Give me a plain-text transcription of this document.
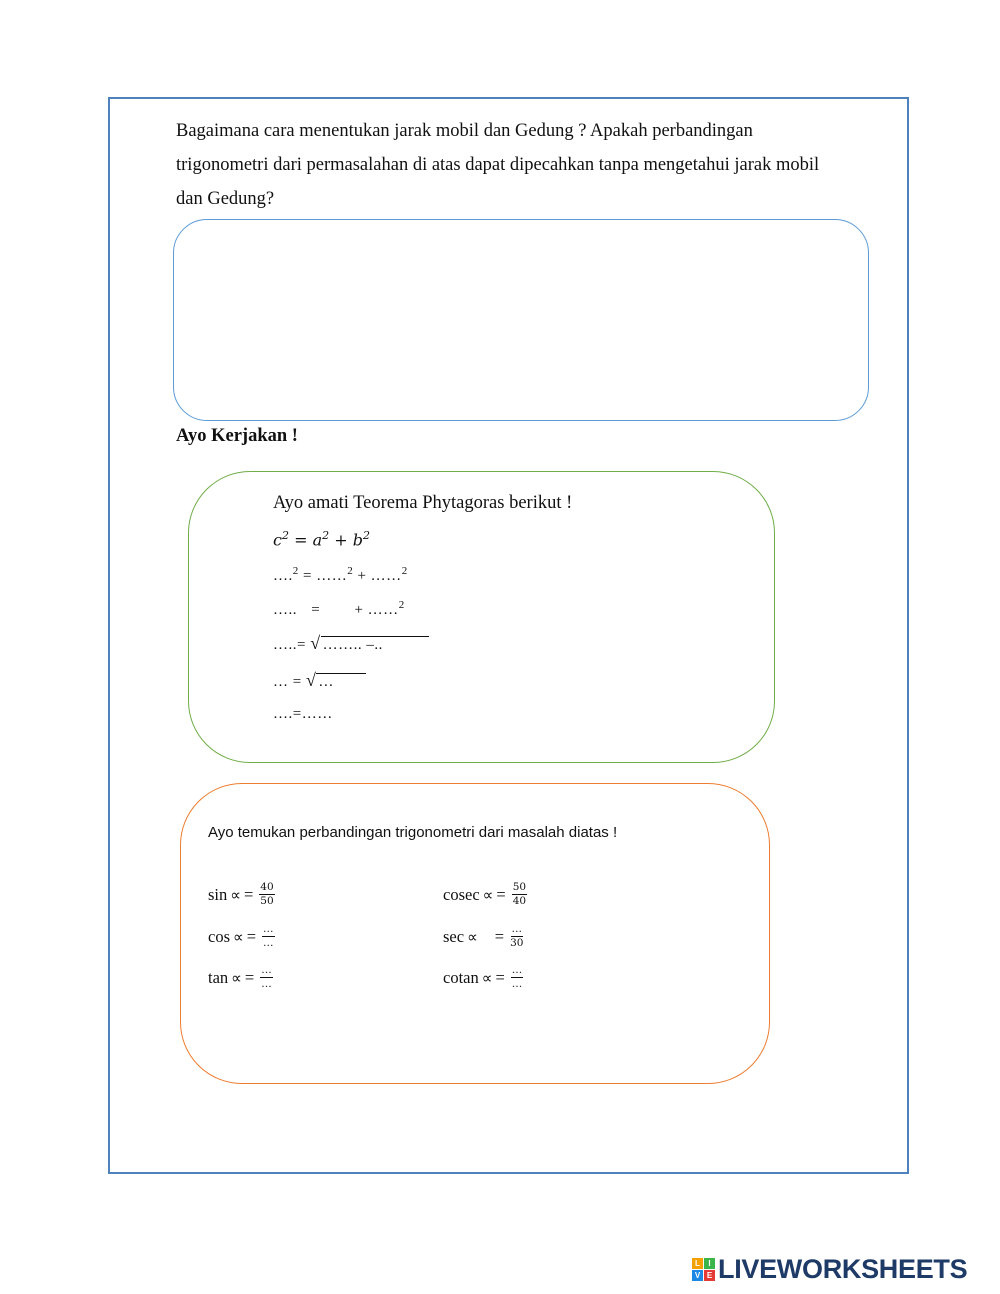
Bagaimana cara menentukan jarak mobil dan Gedung ? Apakah perbandingan
trigonometri dari permasalahan di atas dapat dipecahkan tanpa mengetahui jarak mobil
dan Gedung?
Ayo Kerjakan !
Ayo amati Teorema Phytagoras berikut !
$c^2 = a^2 + b^2$
….$^2$ = ……$^2$ + ……$^2$
….. = + ……$^2$
…..= √ …….. –..
… = √ …
….=……
Ayo temukan perbandingan trigonometri dari masalah diatas !
sin ∝ = $\frac{40}{50}$	cosec ∝ = $\frac{50}{40}$
cos ∝ = $\frac{\dots}{\dots}$	sec ∝ = $\frac{\dots}{30}$
tan ∝ = $\frac{\dots}{\dots}$	cotan ∝ = $\frac{\dots}{\dots}$
L	I
V E LIVEWORKSHEETS
